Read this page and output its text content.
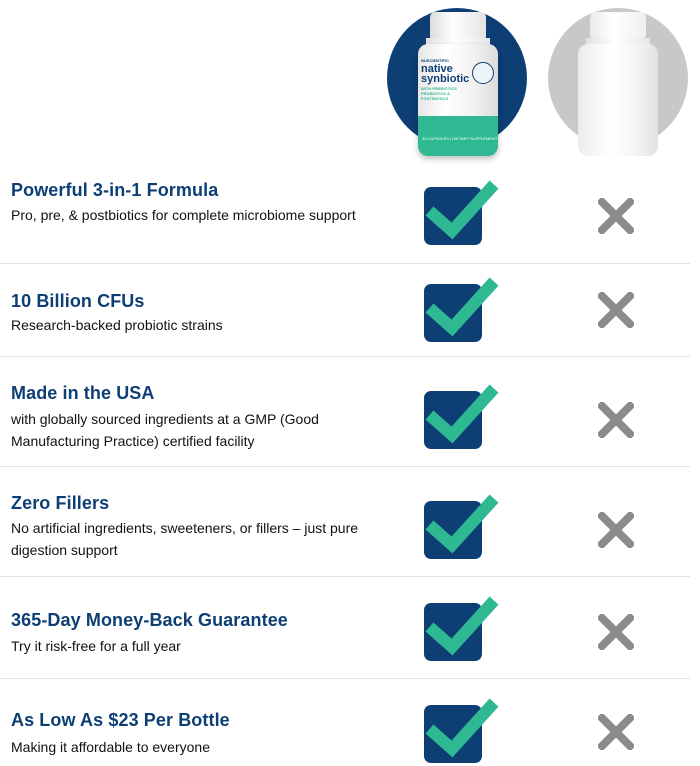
NUSCIENTIFIC
native
synbiotic
WITH PREBIOTICS
PROBIOTICS & POSTBIOTICS
30 CAPSULES | DIETARY SUPPLEMENT
Powerful 3-in-1 Formula
Pro, pre, & postbiotics for complete microbiome support
10 Billion CFUs
Research-backed probiotic strains
Made in the USA
with globally sourced ingredients at a GMP (Good Manufacturing Practice) certified facility
Zero Fillers
No artificial ingredients, sweeteners, or fillers – just pure digestion support
365-Day Money-Back Guarantee
Try it risk-free for a full year
As Low As $23 Per Bottle
Making it affordable to everyone
